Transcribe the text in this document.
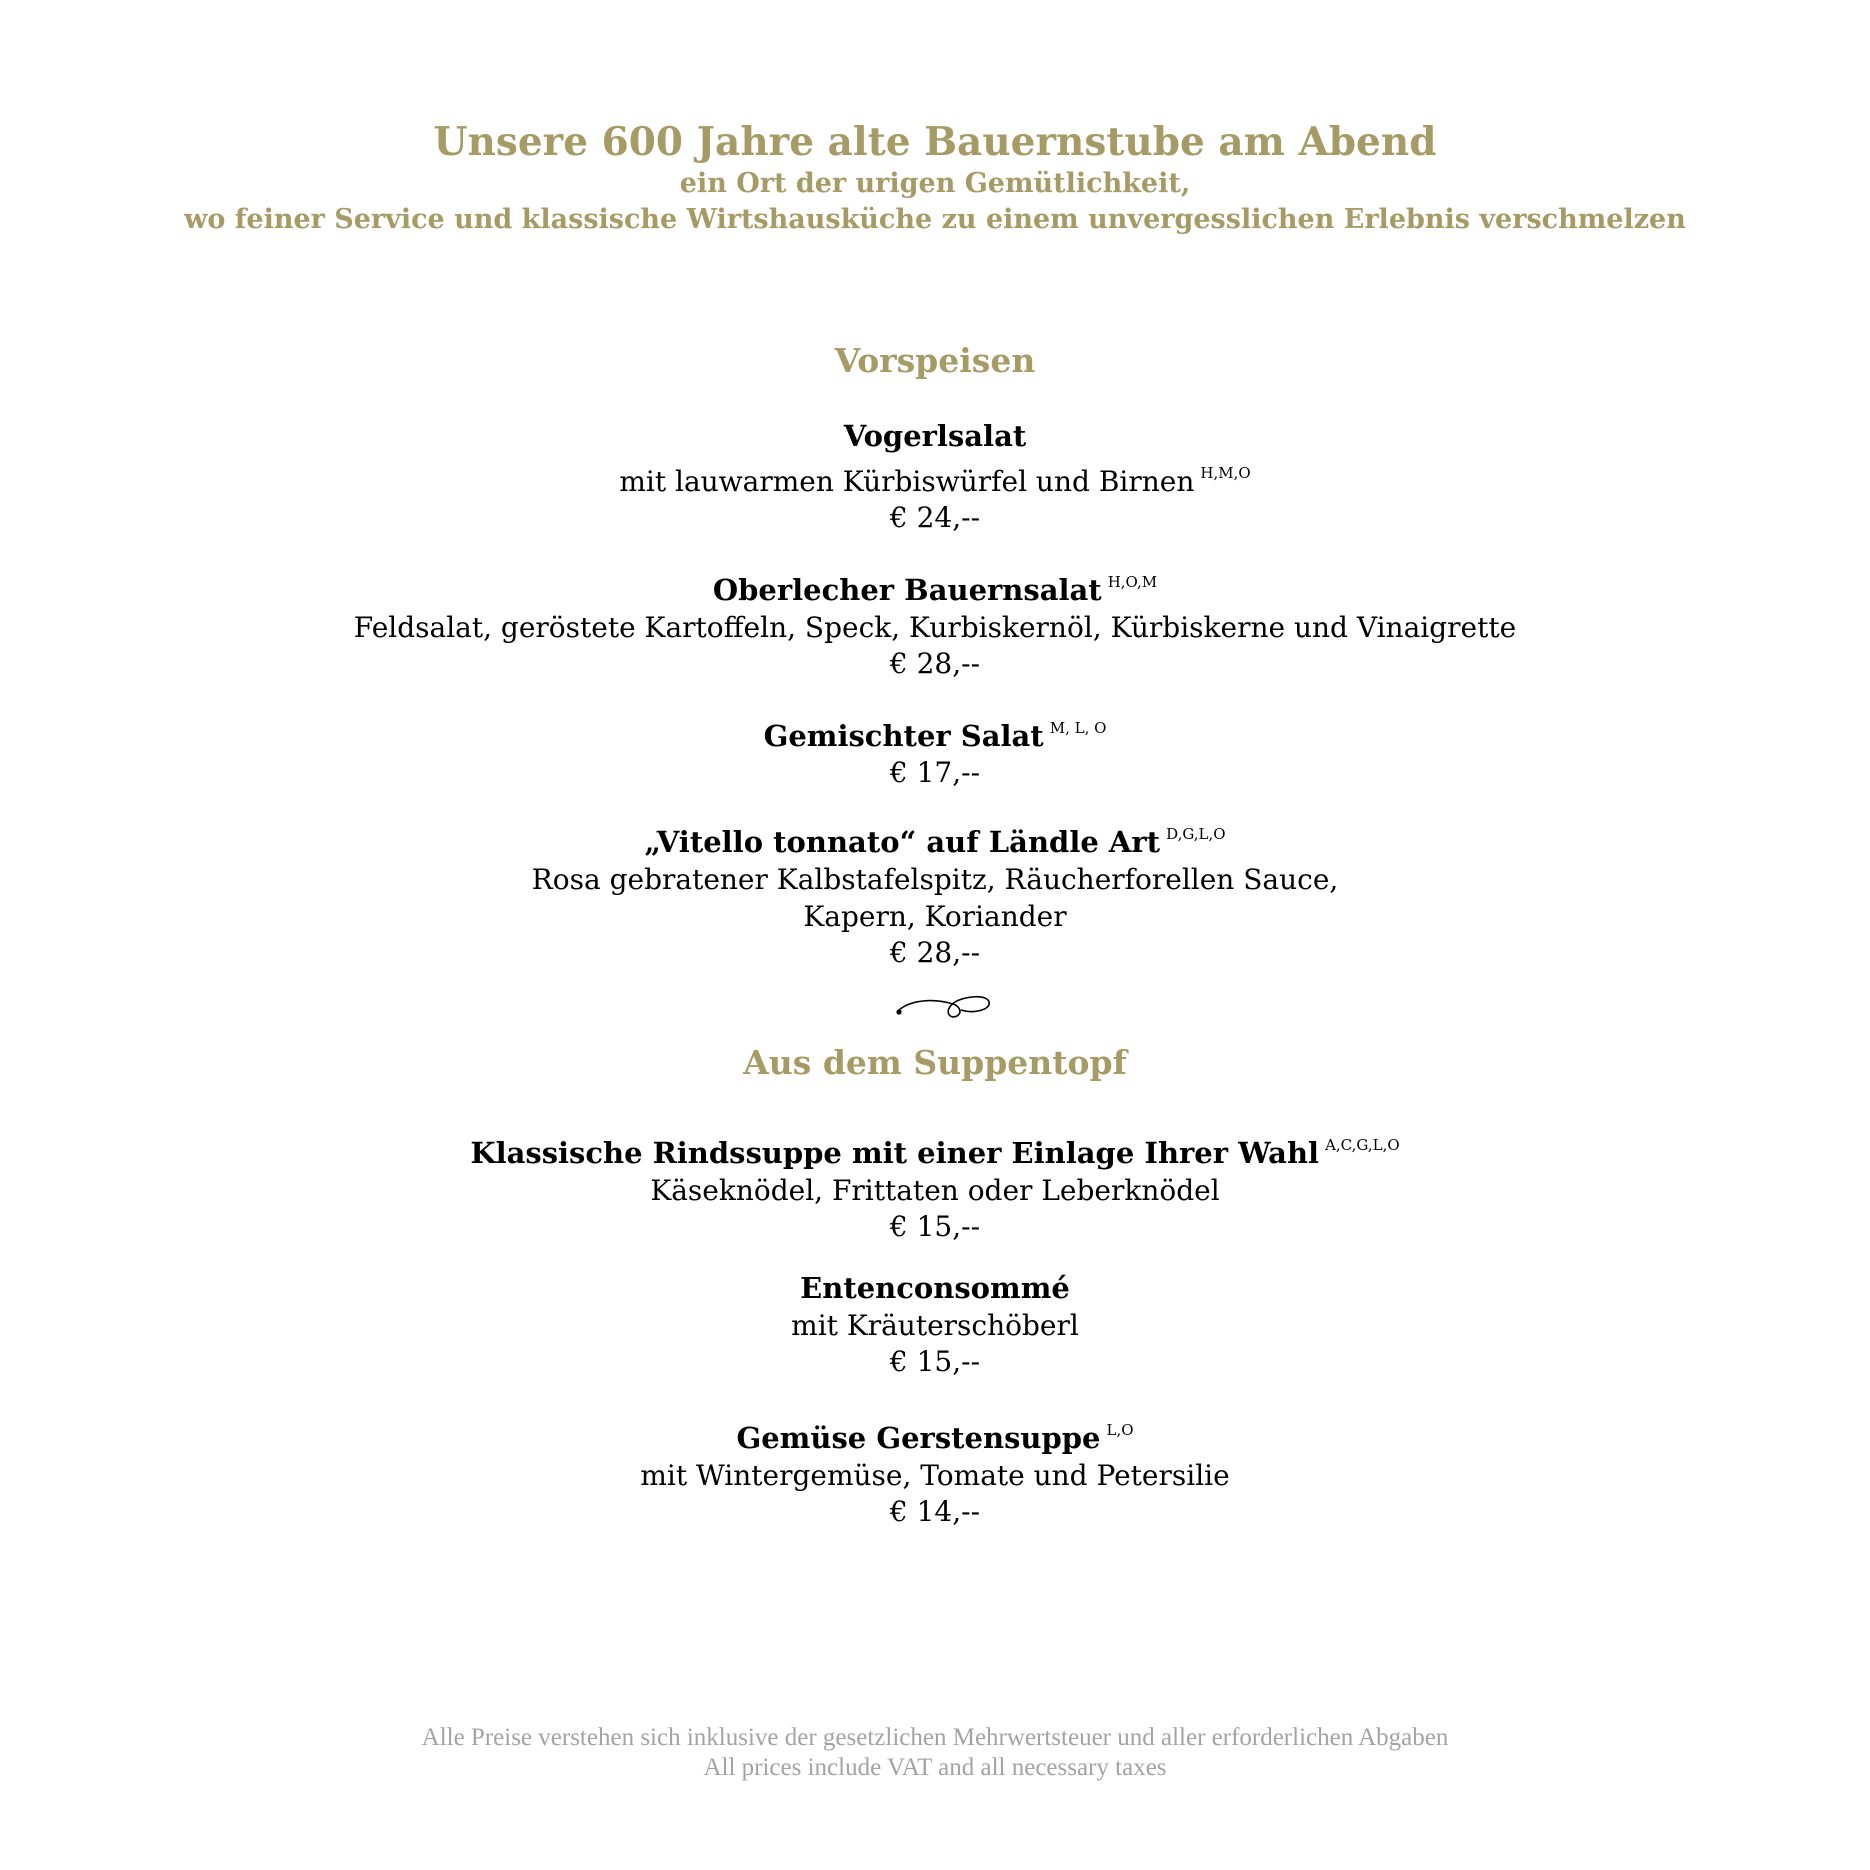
Unsere 600 Jahre alte Bauernstube am Abend

ein Ort der urigen Gemütlichkeit,

wo feiner Service und klassische Wirtshausküche zu einem unvergesslichen Erlebnis verschmelzen

Vorspeisen

Vogerlsalat

mit lauwarmen Kürbiswürfel und Birnen $^{H,M,O}$

€ 24,--

Oberlecher Bauernsalat $^{H,O,M}$

Feldsalat, geröstete Kartoffeln, Speck, Kurbiskernöl, Kürbiskerne und Vinaigrette

€ 28,--

Gemischter Salat $^{M, L, O}$

€ 17,--

„Vitello tonnato“ auf Ländle Art $^{D,G,L,O}$

Rosa gebratener Kalbstafelspitz, Räucherforellen Sauce,

Kapern, Koriander

€ 28,--

Aus dem Suppentopf

Klassische Rindssuppe mit einer Einlage Ihrer Wahl $^{A,C,G,L,O}$

Käseknödel, Frittaten oder Leberknödel

€ 15,--

Entenconsommé

mit Kräuterschöberl

€ 15,--

Gemüse Gerstensuppe $^{L,O}$

mit Wintergemüse, Tomate und Petersilie

€ 14,--

Alle Preise verstehen sich inklusive der gesetzlichen Mehrwertsteuer und aller erforderlichen Abgaben

All prices include VAT and all necessary taxes
